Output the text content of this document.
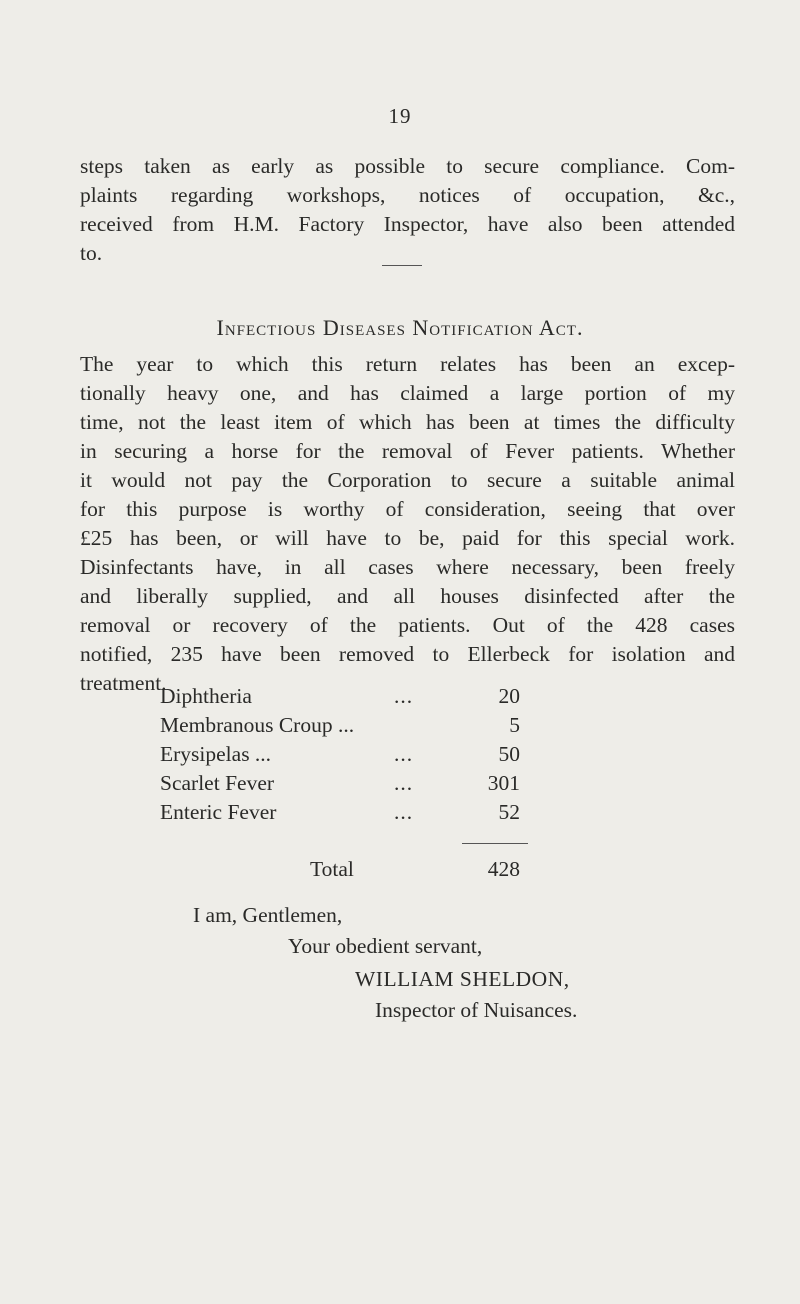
19
steps taken as early as possible to secure compliance. Com-
plaints regarding workshops, notices of occupation, &c.,
received from H.M. Factory Inspector, have also been attended
to.
Infectious Diseases Notification Act.
The year to which this return relates has been an excep-
tionally heavy one, and has claimed a large portion of my
time, not the least item of which has been at times the difficulty
in securing a horse for the removal of Fever patients. Whether
it would not pay the Corporation to secure a suitable animal
for this purpose is worthy of consideration, seeing that over
£25 has been, or will have to be, paid for this special work.
Disinfectants have, in all cases where necessary, been freely
and liberally supplied, and all houses disinfected after the
removal or recovery of the patients. Out of the 428 cases
notified, 235 have been removed to Ellerbeck for isolation and
treatment.
Diphtheria	...	20
Membranous Croup ...	5
Erysipelas ...	...	50
Scarlet Fever	...	301
Enteric Fever	...	52
Total	428
I am, Gentlemen,
Your obedient servant,
WILLIAM SHELDON,
Inspector of Nuisances.
